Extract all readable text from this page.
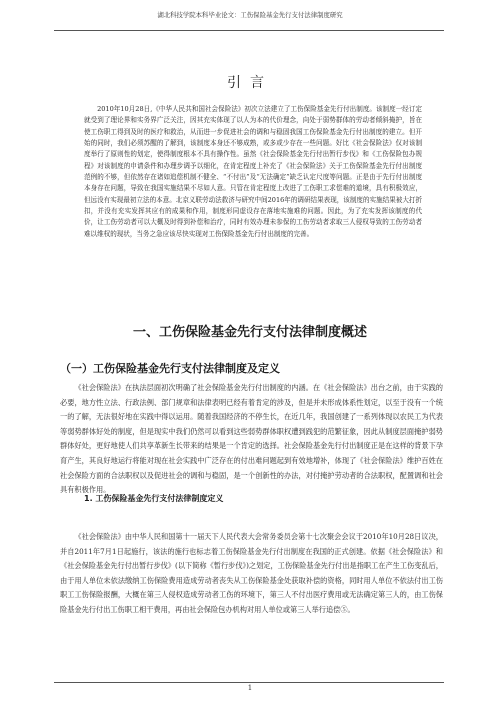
湖北科技学院本科毕业论文：工伤保险基金先行支付法律制度研究
引言

2010年10月28日,《中华人民共和国社会保险法》初次立法建立了工伤保险基金先行付出制度。该制度一经订定就受到了理论界和实务界广泛关注，因其充实体现了以人为本的代价理念，向处于弱势群体的劳动者倾斜掩护，旨在使工伤职工得到及时的医疗和救治，从而进一步促进社会的调和与稳固我国工伤保险基金先行付出制度的建立。但开始的同时，我们必须苏醒的了解到，该制度本身还不够成熟，或多或少存在一些问题。好比《社会保险法》仅对该制度举行了原则性的划定，使得制度根本不具有操作性。虽然《社会保险基金先行付出暂行步伐》和《工伤保险包办规程》对该制度的申请条件和办理步调予以细化，在肯定程度上补充了《社会保险法》关于工伤保险基金先行付出制度范例的不够，但依然存在诸如追偿机制不健全、“不付出”及“无法确定”缺乏认定尺度等问题。正是由于先行付出制度本身存在问题，导致在我国实施结果不尽如人意。只管在肯定程度上改进了工伤职工求偿难的道境，具有积极效应，但远没有实现最初立法的本意。北京义联劳动法救济与研究中间2016年的调研结果表现，该制度的实施结果被大打折扣，并没有充实发挥其应有的成果和作用，制度形同虚设存在落地实施难的问题。因此，为了充实发挥该制度的代价，让工伤劳动者可以大概及时得到补偿和治疗，同时有效办理未参保的工伤劳动者求取三人侵权导致的工伤劳动者难以维权的现状，当务之急应该尽快实现对工伤保险基金先行付出制度的完善。

一、工伤保险基金先行支付法律制度概述
（一）工伤保险基金先行支付法律制度及定义

《社会保险法》在执法层面初次明确了社会保险基金先行付出制度的内涵。在《社会保险法》出台之前，由于实践的必要，地方性立法、行政法例、部门规章和法律表明已经有着肯定的涉及，但是并未形成体系性划定，以至于没有一个统一的了解，无法很好地在实践中得以运用。随着我国经济的不停生长，在近几年，我国创建了一系列体现以农民工为代表等弱势群体好处的制度，但是现实中我们仍然可以看到这些弱势群体职权遭到践犯的范繁征象，因此从制度层面掩护弱势群体好处，更好地使人们共享革新生长带来的结果是一个肯定的选择。社会保险基金先行付出制度正是在这样的背景下孕育产生，其良好地运行将能对现在社会实践中广泛存在的付出难问题起到有效地增补，体现了《社会保险法》维护百姓在社会保险方面的合法职权以及促进社会的调和与稳固，是一个创新性的办法，对付掩护劳动者的合法职权，配置调和社会具有积极作用。

1. 工伤保险基金先行支付法律制度定义

《社会保险法》由中华人民和国第十一届天下人民代表大会常务委员会第十七次聚会会议于2010年10月28日议决，并自2011年7月1日起施行，该法的施行也标志着工伤保险基金先行付出制度在我国的正式创建。依据《社会保险法》和《社会保险基金先行付出暂行步伐》(以下简称《暂行步伐》)之划定，工伤保险基金先行付出是指职工在产生工伤变乱后，由于用人单位未依法缴纳工伤保险费用造成劳动者丧失从工伤保险基金处获取补偿的资格，同时用人单位不依法付出工伤职工工伤保险报酬，大概在第三人侵权造成劳动者工伤的环境下，第三人不付出医疗费用或无法确定第三人的，由工伤保险基金先行付出工伤职工相干费用，再由社会保险包办机构对用人单位或第三人举行追偿⑤。

1
